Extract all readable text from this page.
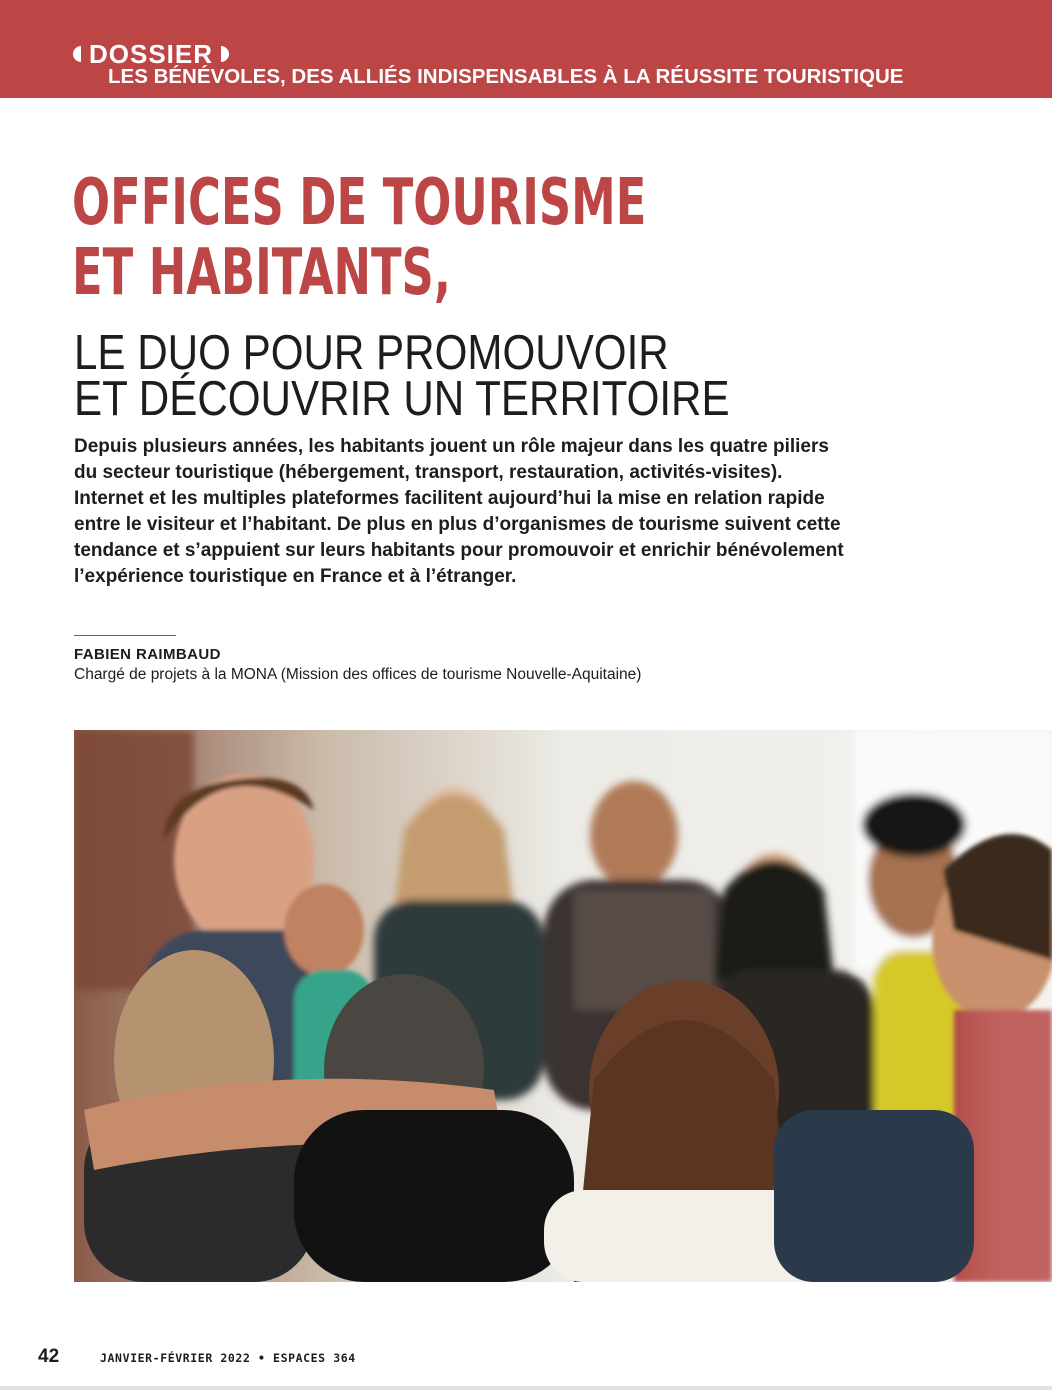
DOSSIER
LES BÉNÉVOLES, DES ALLIÉS INDISPENSABLES À LA RÉUSSITE TOURISTIQUE
OFFICES DE TOURISME
ET HABITANTS,
LE DUO POUR PROMOUVOIR
ET DÉCOUVRIR UN TERRITOIRE

Depuis plusieurs années, les habitants jouent un rôle majeur dans les quatre piliers
du secteur touristique (hébergement, transport, restauration, activités-visites).
Internet et les multiples plateformes facilitent aujourd’hui la mise en relation rapide
entre le visiteur et l’habitant. De plus en plus d’organismes de tourisme suivent cette
tendance et s’appuient sur leurs habitants pour promouvoir et enrichir bénévolement
l’expérience touristique en France et à l’étranger.

FABIEN RAIMBAUD
Chargé de projets à la MONA (Mission des offices de tourisme Nouvelle-Aquitaine)
42	JANVIER-FÉVRIER 2022 • ESPACES 364
